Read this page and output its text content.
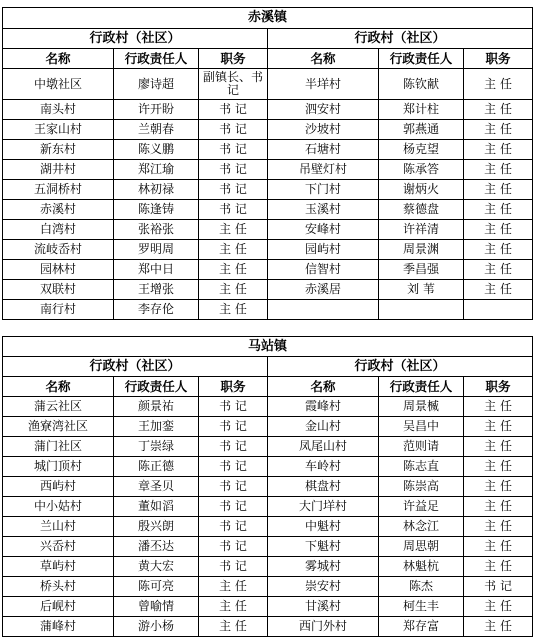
赤溪镇					
行政村（社区）			行政村（社区）		
名称	行政责任人	职务	名称	行政责任人	职务
中墩社区	廖诗超	副镇长、书记	半垟村	陈钦献	主 任
南头村	许开盼	书 记	泗安村	郑计柱	主 任
王家山村	兰朝春	书 记	沙坡村	郭燕通	主 任
新东村	陈义鹏	书 记	石塘村	杨克望	主 任
湖井村	郑江瑜	书 记	吊壁灯村	陈承答	主 任
五洞桥村	林初禄	书 记	下门村	谢炳火	主 任
赤溪村	陈逢铸	书 记	玉溪村	蔡德盘	主 任
白湾村	张裕张	主 任	安峰村	许祥清	主 任
流岐岙村	罗明周	主 任	园屿村	周景渊	主 任
园林村	郑中日	主 任	信智村	季昌强	主 任
双联村	王增张	主 任	赤溪居	刘 苇	主 任
南行村	李存伦	主 任			
马站镇					
行政村（社区）			行政村（社区）		
名称	行政责任人	职务	名称	行政责任人	职务
蒲云社区	颜景祐	书 记	霞峰村	周景楲	主 任
渔寮湾社区	王加銮	书 记	金山村	吴昌中	主 任
蒲门社区	丁崇绿	书 记	凤尾山村	范则请	主 任
城门顶村	陈正德	书 记	车岭村	陈志直	主 任
西屿村	章圣贝	书 记	棋盘村	陈崇高	主 任
中小姑村	董如滔	书 记	大门垟村	许益足	主 任
兰山村	殷兴朗	书 记	中魁村	林念江	主 任
兴岙村	潘丕达	书 记	下魁村	周思朝	主 任
草屿村	黄大宏	书 记	雾城村	林魁杭	主 任
桥头村	陈可亮	主 任	崇安村	陈杰	书 记
后岘村	曾喻情	主 任	甘溪村	柯生丰	主 任
蒲峰村	游小杨	主 任	西门外村	郑存富	主 任
